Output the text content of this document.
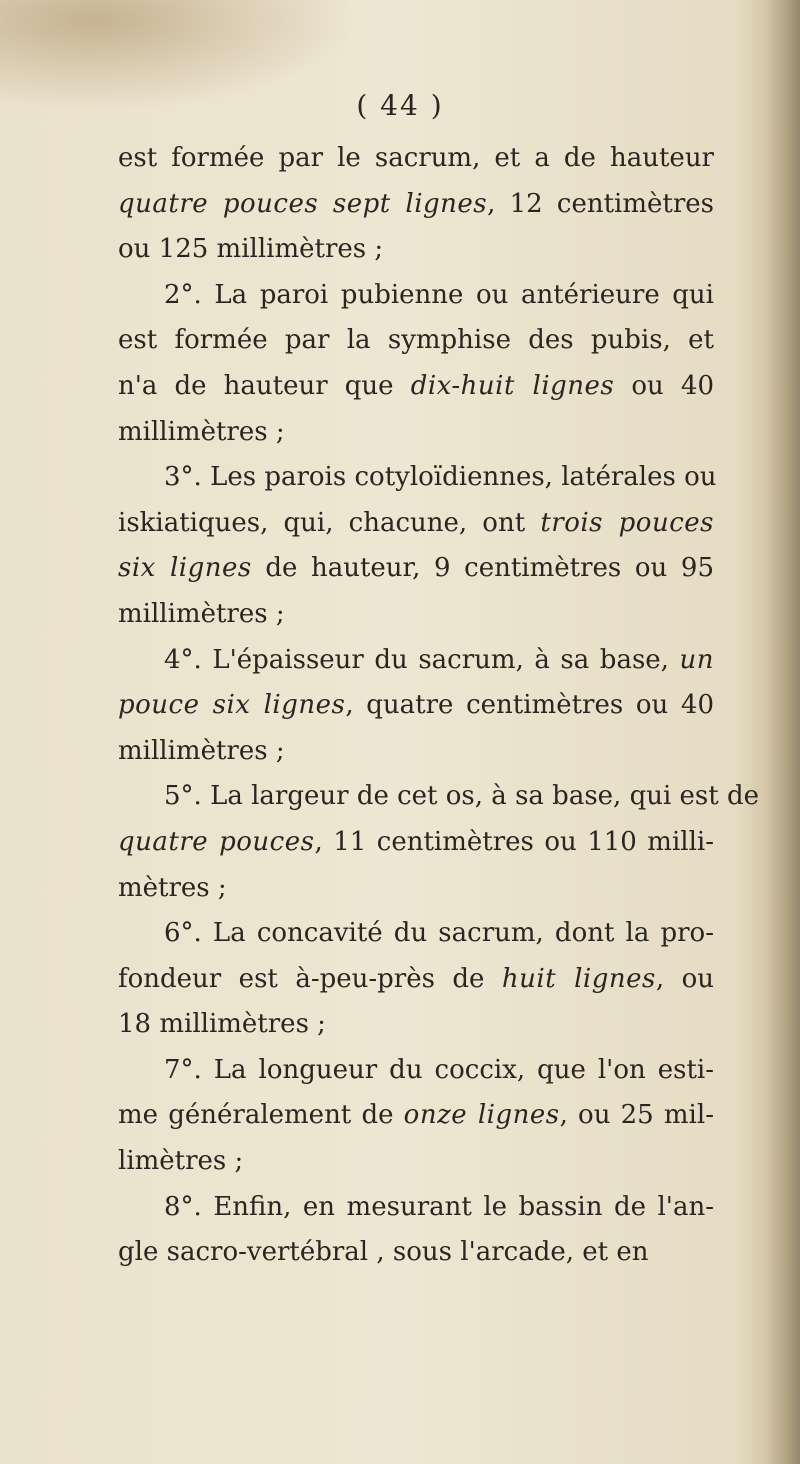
( 44 )
est formée par le sacrum, et a de hauteur
quatre pouces sept lignes, 12 centimètres
ou 125 millimètres ;
2°. La paroi pubienne ou antérieure qui
est formée par la symphise des pubis, et
n'a de hauteur que dix-huit lignes ou 40
millimètres ;
3°. Les parois cotyloïdiennes, latérales ou
iskiatiques, qui, chacune, ont trois pouces
six lignes de hauteur, 9 centimètres ou 95
millimètres ;
4°. L'épaisseur du sacrum, à sa base, un
pouce six lignes, quatre centimètres ou 40
millimètres ;
5°. La largeur de cet os, à sa base, qui est de
quatre pouces, 11 centimètres ou 110 milli-
mètres ;
6°. La concavité du sacrum, dont la pro-
fondeur est à-peu-près de huit lignes, ou
18 millimètres ;
7°. La longueur du coccix, que l'on esti-
me généralement de onze lignes, ou 25 mil-
limètres ;
8°. Enfin, en mesurant le bassin de l'an-
gle sacro-vertébral , sous l'arcade, et en
